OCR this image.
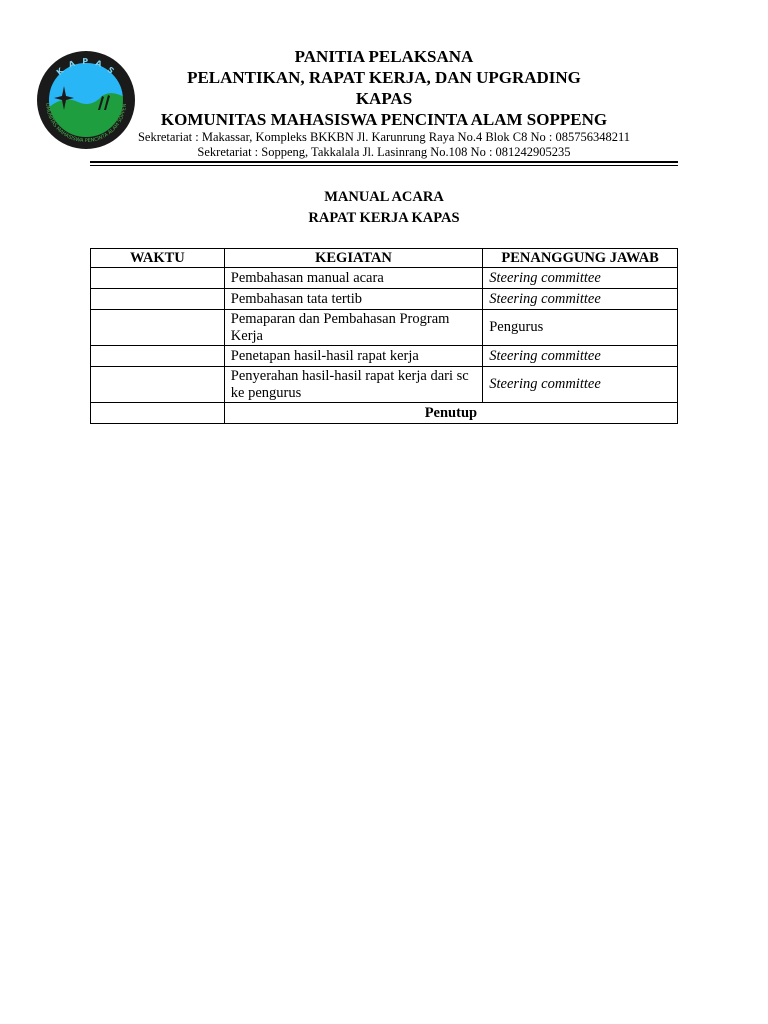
K A P A S
OMUNITAS MAHASISWA PENCINTA ALAM SOPPEN
PANITIA PELAKSANA
PELANTIKAN, RAPAT KERJA, DAN UPGRADING
KAPAS
KOMUNITAS MAHASISWA PENCINTA ALAM SOPPENG
Sekretariat : Makassar, Kompleks BKKBN Jl. Karunrung Raya No.4 Blok C8 No : 085756348211
Sekretariat : Soppeng, Takkalala Jl. Lasinrang No.108 No : 081242905235
MANUAL ACARA
RAPAT KERJA KAPAS
WAKTU	KEGIATAN	PENANGGUNG JAWAB
	Pembahasan manual acara	Steering committee
	Pembahasan tata tertib	Steering committee
	Pemaparan dan Pembahasan Program Kerja	Pengurus
	Penetapan hasil-hasil rapat kerja	Steering committee
	Penyerahan hasil-hasil rapat kerja dari sc ke pengurus	Steering committee
	Penutup	
